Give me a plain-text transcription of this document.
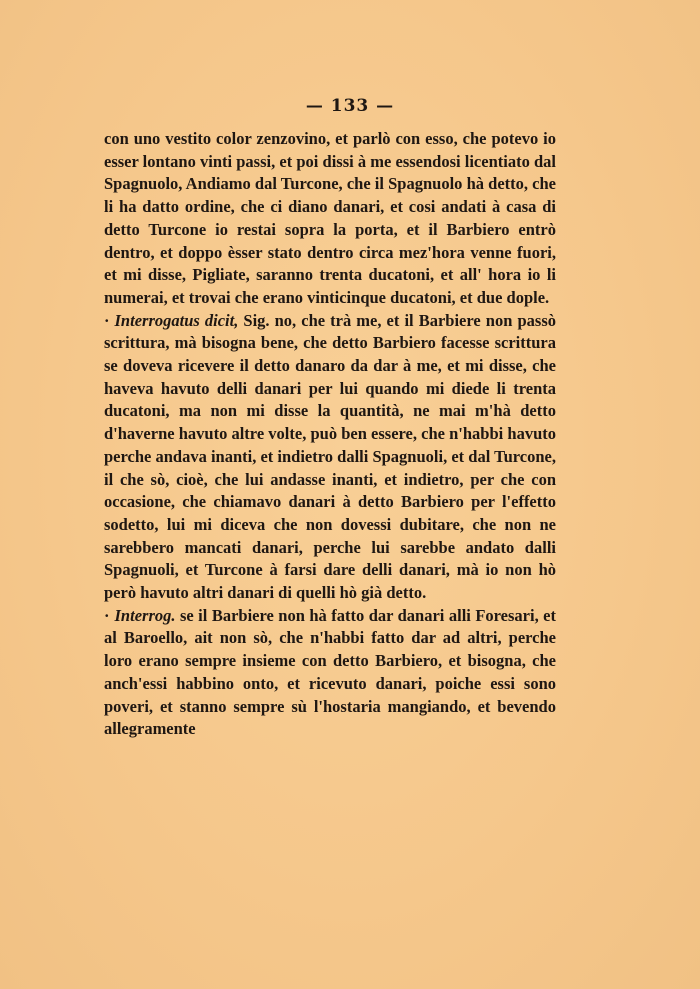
— 133 —

con uno vestito color zenzovino, et parlò con esso, che potevo io esser lontano vinti passi, et poi dissi à me essendosi licentiato dal Spagnuolo, Andiamo dal Turcone, che il Spagnuolo hà detto, che li ha datto ordine, che ci diano danari, et cosi andati à casa di detto Turcone io restai sopra la porta, et il Barbiero entrò dentro, et doppo èsser stato dentro circa mez'hora venne fuori, et mi disse, Pigliate, saranno trenta ducatoni, et all' hora io li numerai, et trovai che erano vinticinque ducatoni, et due dople.

· Interrogatus dicit, Sig. no, che trà me, et il Barbiere non passò scrittura, mà bisogna bene, che detto Barbiero facesse scrittura se doveva ricevere il detto danaro da dar à me, et mi disse, che haveva havuto delli danari per lui quando mi diede li trenta ducatoni, ma non mi disse la quantità, ne mai m'hà detto d'haverne havuto altre volte, può ben essere, che n'habbi havuto perche andava inanti, et indietro dalli Spagnuoli, et dal Turcone, il che sò, cioè, che lui andasse inanti, et indietro, per che con occasione, che chiamavo danari à detto Barbiero per l'effetto sodetto, lui mi diceva che non dovessi dubitare, che non ne sarebbero mancati danari, perche lui sarebbe andato dalli Spagnuoli, et Turcone à farsi dare delli danari, mà io non hò però havuto altri danari di quelli hò già detto.

· Interrog. se il Barbiere non hà fatto dar danari alli Foresari, et al Baroello, ait non sò, che n'habbi fatto dar ad altri, perche loro erano sempre insieme con detto Barbiero, et bisogna, che anch'essi habbino onto, et ricevuto danari, poiche essi sono poveri, et stanno sempre sù l'hostaria mangiando, et bevendo allegramente
